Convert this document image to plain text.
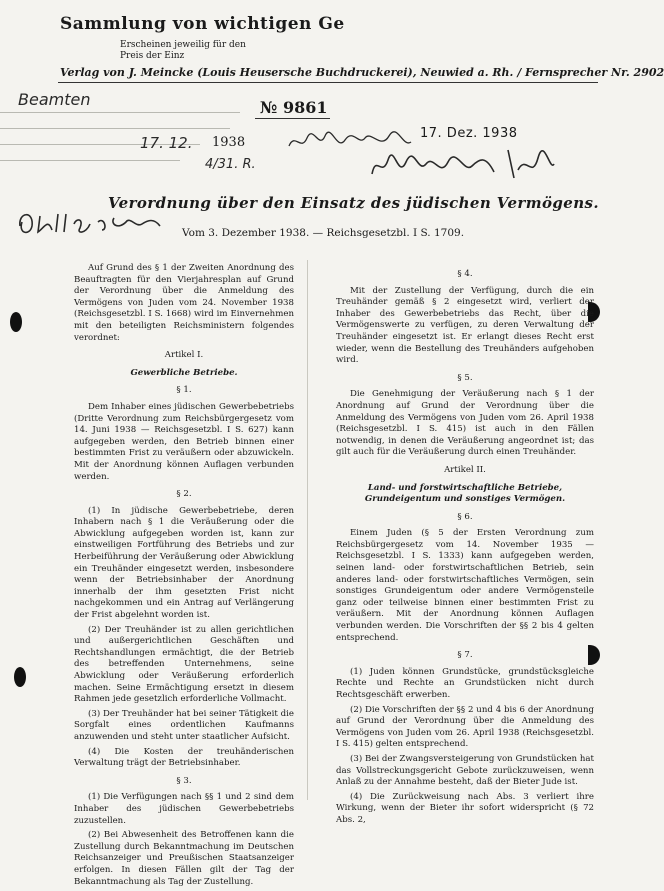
Sammlung von wichtigen Ge
Erscheinen jeweilig für den
Preis der Einz
Verlag von J. Meincke (Louis Heusersche Buchdruckerei), Neuwied a. Rh. / Fernsprecher Nr. 2902
Beamten	№ 9861
17. 12. 1938
4/31. R.
17. Dez. 1938
Verordnung über den Einsatz des jüdischen Vermögens.
Vom 3. Dezember 1938. — Reichsgesetzbl. I S. 1709.

Auf Grund des § 1 der Zweiten Anordnung des Beauftragten für den Vierjahresplan auf Grund der Verordnung über die Anmeldung des Vermögens von Juden vom 24. November 1938 (Reichsgesetzbl. I S. 1668) wird im Einvernehmen mit den beteiligten Reichsministern folgendes verordnet:

Artikel I.

Gewerbliche Betriebe.

§ 1.

Dem Inhaber eines jüdischen Gewerbebetriebs (Dritte Verordnung zum Reichsbürgergesetz vom 14. Juni 1938 — Reichsgesetzbl. I S. 627) kann aufgegeben werden, den Betrieb binnen einer bestimmten Frist zu veräußern oder abzuwickeln. Mit der Anordnung können Auflagen verbunden werden.

§ 2.

(1) In jüdische Gewerbebetriebe, deren Inhabern nach § 1 die Veräußerung oder die Abwicklung aufgegeben worden ist, kann zur einstweiligen Fortführung des Betriebs und zur Herbeiführung der Veräußerung oder Abwicklung ein Treuhänder eingesetzt werden, insbesondere wenn der Betriebsinhaber der Anordnung innerhalb der ihm gesetzten Frist nicht nachgekommen und ein Antrag auf Verlängerung der Frist abgelehnt worden ist.

(2) Der Treuhänder ist zu allen gerichtlichen und außergerichtlichen Geschäften und Rechtshandlungen ermächtigt, die der Betrieb des betreffenden Unternehmens, seine Abwicklung oder Veräußerung erforderlich machen. Seine Ermächtigung ersetzt in diesem Rahmen jede gesetzlich erforderliche Vollmacht.

(3) Der Treuhänder hat bei seiner Tätigkeit die Sorgfalt eines ordentlichen Kaufmanns anzuwenden und steht unter staatlicher Aufsicht.

(4) Die Kosten der treuhänderischen Verwaltung trägt der Betriebsinhaber.

§ 3.

(1) Die Verfügungen nach §§ 1 und 2 sind dem Inhaber des jüdischen Gewerbebetriebs zuzustellen.

(2) Bei Abwesenheit des Betroffenen kann die Zustellung durch Bekanntmachung im Deutschen Reichsanzeiger und Preußischen Staatsanzeiger erfolgen. In diesen Fällen gilt der Tag der Bekanntmachung als Tag der Zustellung.

§ 4.

Mit der Zustellung der Verfügung, durch die ein Treuhänder gemäß § 2 eingesetzt wird, verliert der Inhaber des Gewerbebetriebs das Recht, über die Vermögenswerte zu verfügen, zu deren Verwaltung der Treuhänder eingesetzt ist. Er erlangt dieses Recht erst wieder, wenn die Bestellung des Treuhänders aufgehoben wird.

§ 5.

Die Genehmigung der Veräußerung nach § 1 der Anordnung auf Grund der Verordnung über die Anmeldung des Vermögens von Juden vom 26. April 1938 (Reichsgesetzbl. I S. 415) ist auch in den Fällen notwendig, in denen die Veräußerung angeordnet ist; das gilt auch für die Veräußerung durch einen Treuhänder.

Artikel II.

Land- und forstwirtschaftliche Betriebe, Grundeigentum und sonstiges Vermögen.

§ 6.

Einem Juden (§ 5 der Ersten Verordnung zum Reichsbürgergesetz vom 14. November 1935 — Reichsgesetzbl. I S. 1333) kann aufgegeben werden, seinen land- oder forstwirtschaftlichen Betrieb, sein anderes land- oder forstwirtschaftliches Vermögen, sein sonstiges Grundeigentum oder andere Vermögensteile ganz oder teilweise binnen einer bestimmten Frist zu veräußern. Mit der Anordnung können Auflagen verbunden werden. Die Vorschriften der §§ 2 bis 4 gelten entsprechend.

§ 7.

(1) Juden können Grundstücke, grundstücksgleiche Rechte und Rechte an Grundstücken nicht durch Rechtsgeschäft erwerben.

(2) Die Vorschriften der §§ 2 und 4 bis 6 der Anordnung auf Grund der Verordnung über die Anmeldung des Vermögens von Juden vom 26. April 1938 (Reichsgesetzbl. I S. 415) gelten entsprechend.

(3) Bei der Zwangsversteigerung von Grundstücken hat das Vollstreckungsgericht Gebote zurückzuweisen, wenn Anlaß zu der Annahme besteht, daß der Bieter Jude ist.

(4) Die Zurückweisung nach Abs. 3 verliert ihre Wirkung, wenn der Bieter ihr sofort widerspricht (§ 72 Abs. 2,
